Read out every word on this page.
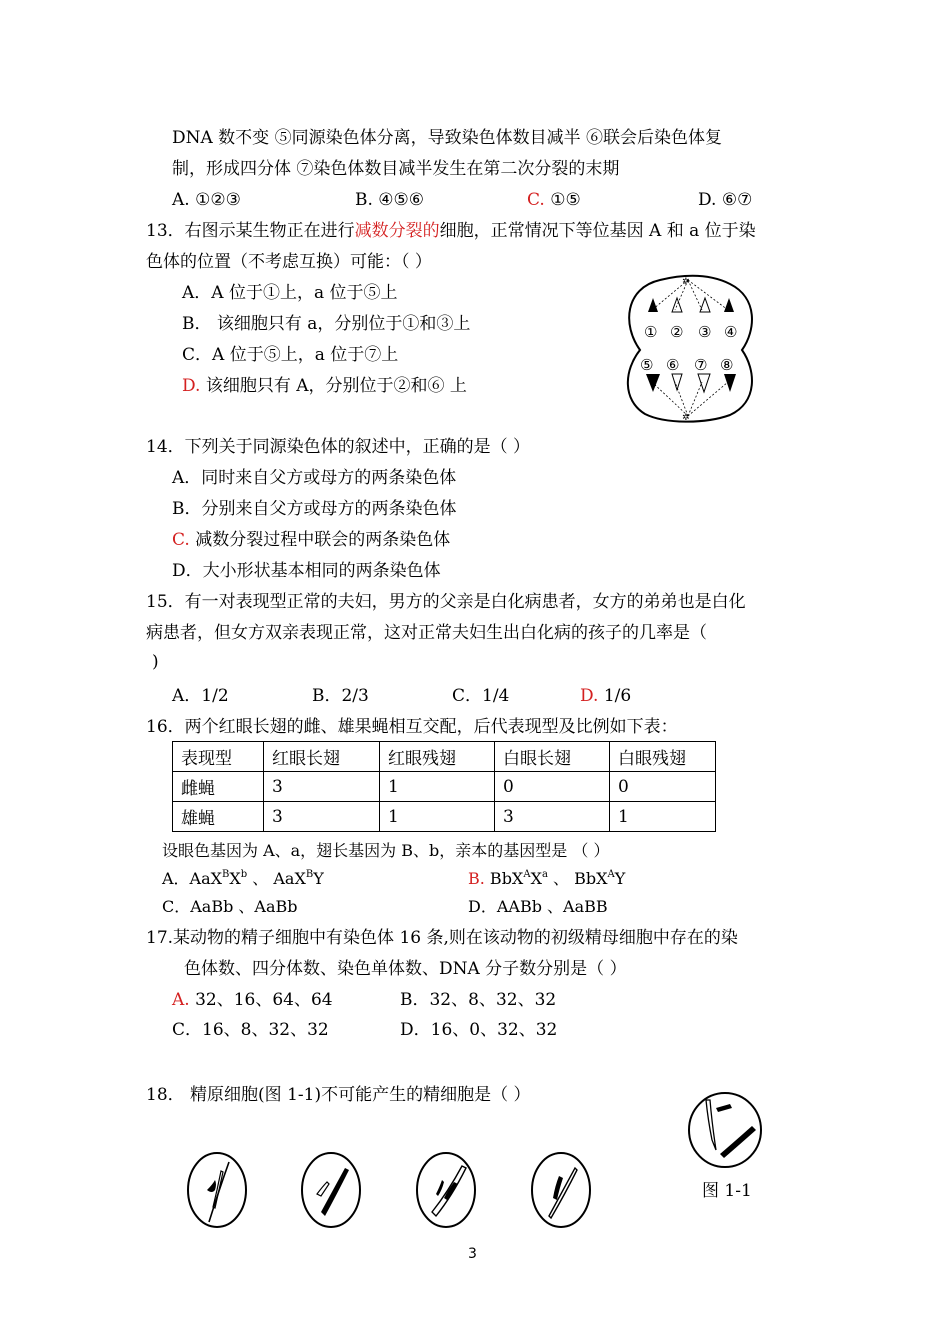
DNA 数不变 ⑤同源染色体分离，导致染色体数目减半 ⑥联会后染色体复
制，形成四分体 ⑦染色体数目减半发生在第二次分裂的末期
A. ①②③	B. ④⑤⑥	C. ①⑤	D. ⑥⑦
13．右图示某生物正在进行减数分裂的细胞，正常情况下等位基因 A 和 a 位于染
色体的位置（不考虑互换）可能：（ ）
A．A 位于①上，a 位于⑤上
B． 该细胞只有 a，分别位于①和③上
C．A 位于⑤上，a 位于⑦上
D. 该细胞只有 A，分别位于②和⑥ 上
✲
✲
① ② ③ ④
⑤ ⑥ ⑦ ⑧
14．下列关于同源染色体的叙述中，正确的是（ ）
A．同时来自父方或母方的两条染色体
B．分别来自父方或母方的两条染色体
C. 减数分裂过程中联会的两条染色体
D．大小形状基本相同的两条染色体
15．有一对表现型正常的夫妇，男方的父亲是白化病患者，女方的弟弟也是白化
病患者，但女方双亲表现正常，这对正常夫妇生出白化病的孩子的几率是（
)
A．1/2	B．2/3	C．1/4	D. 1/6
16．两个红眼长翅的雌、雄果蝇相互交配，后代表现型及比例如下表：
表现型	红眼长翅	红眼残翅	白眼长翅	白眼残翅
雌蝇	3	1	0	0
雄蝇	3	1	3	1
设眼色基因为 A、a，翅长基因为 B、b，亲本的基因型是 （ ）
A．$AaX^BX^b$ 、 AaX$^B$Y	B. $BbX^AX^a$ 、 BbX$^A$Y
C．AaBb 、AaBb	D．AABb 、AaBB
17.某动物的精子细胞中有染色体 16 条,则在该动物的初级精母细胞中存在的染
色体数、四分体数、染色单体数、DNA 分子数分别是（ ）
A. 32、16、64、64	B．32、8、32、32
C．16、8、32、32	D．16、0、32、32
18． 精原细胞(图 1-1)不可能产生的精细胞是（ ）
图 1-1
3
